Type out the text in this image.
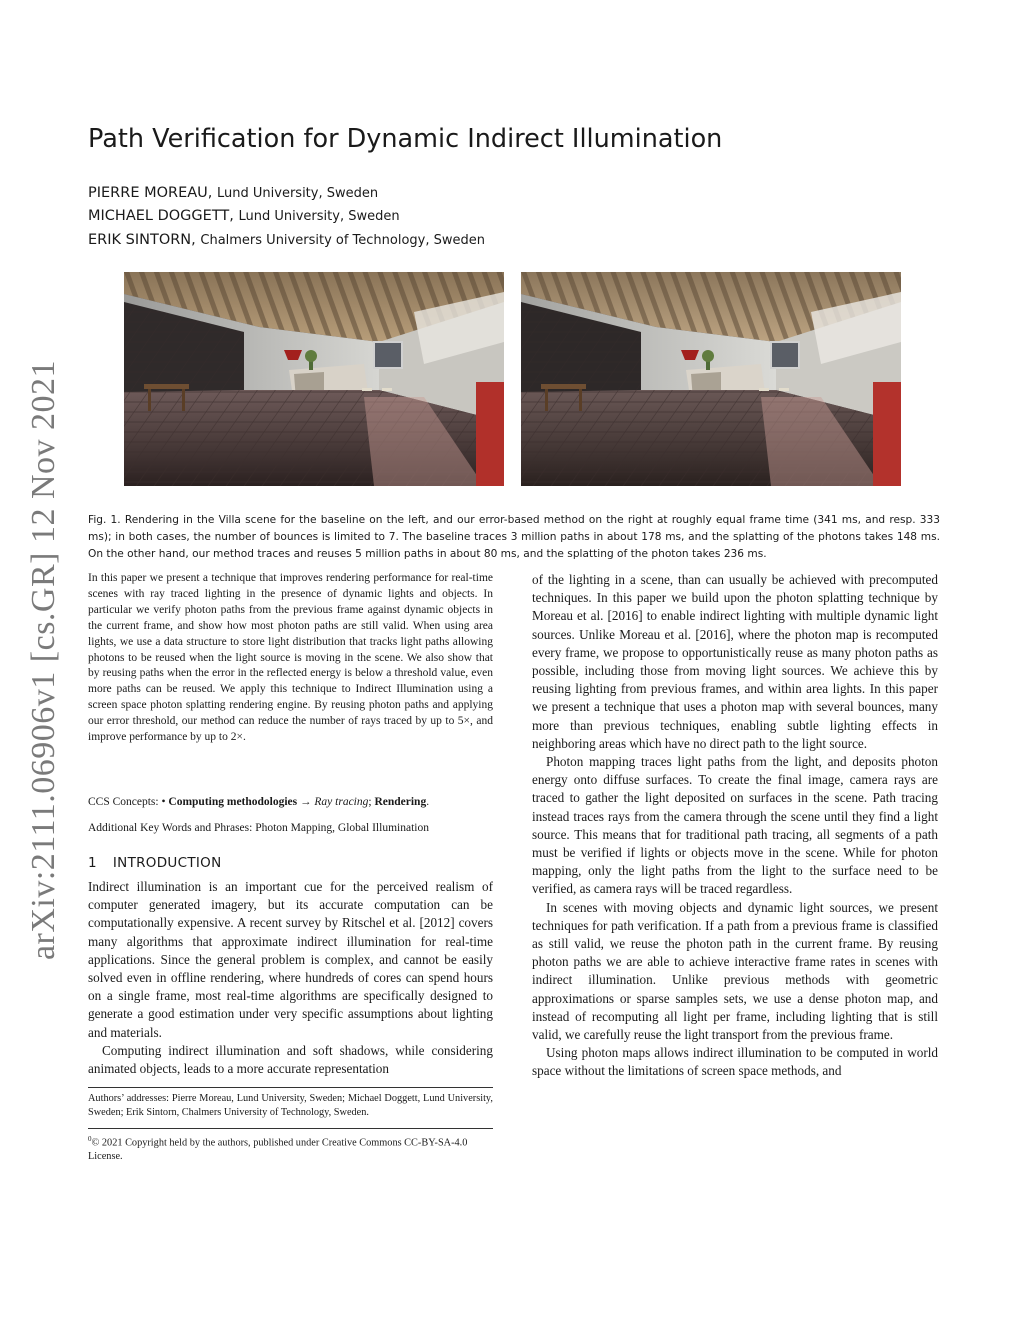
arXiv:2111.06906v1 [cs.GR] 12 Nov 2021
Path Verification for Dynamic Indirect Illumination
PIERRE MOREAU, Lund University, Sweden
MICHAEL DOGGETT, Lund University, Sweden
ERIK SINTORN, Chalmers University of Technology, Sweden
Fig. 1. Rendering in the Villa scene for the baseline on the left, and our error-based method on the right at roughly equal frame time (341 ms, and resp. 333 ms); in both cases, the number of bounces is limited to 7. The baseline traces 3 million paths in about 178 ms, and the splatting of the photons takes 148 ms. On the other hand, our method traces and reuses 5 million paths in about 80 ms, and the splatting of the photon takes 236 ms.
In this paper we present a technique that improves rendering performance for real-time scenes with ray traced lighting in the presence of dynamic lights and objects. In particular we verify photon paths from the previous frame against dynamic objects in the current frame, and show how most photon paths are still valid. When using area lights, we use a data structure to store light distribution that tracks light paths allowing photons to be reused when the light source is moving in the scene. We also show that by reusing paths when the error in the reflected energy is below a threshold value, even more paths can be reused. We apply this technique to Indirect Illumination using a screen space photon splatting rendering engine. By reusing photon paths and applying our error threshold, our method can reduce the number of rays traced by up to 5×, and improve performance by up to 2×.
CCS Concepts: • Computing methodologies → Ray tracing; Rendering.
Additional Key Words and Phrases: Photon Mapping, Global Illumination
1 INTRODUCTION

Indirect illumination is an important cue for the perceived realism of computer generated imagery, but its accurate computation can be computationally expensive. A recent survey by Ritschel et al. [2012] covers many algorithms that approximate indirect illumination for real-time applications. Since the general problem is complex, and cannot be easily solved even in offline rendering, where hundreds of cores can spend hours on a single frame, most real-time algorithms are specifically designed to generate a good estimation under very specific assumptions about lighting and materials.

Computing indirect illumination and soft shadows, while considering animated objects, leads to a more accurate representation

of the lighting in a scene, than can usually be achieved with precomputed techniques. In this paper we build upon the photon splatting technique by Moreau et al. [2016] to enable indirect lighting with multiple dynamic light sources. Unlike Moreau et al. [2016], where the photon map is recomputed every frame, we propose to opportunistically reuse as many photon paths as possible, including those from moving light sources. We achieve this by reusing lighting from previous frames, and within area lights. In this paper we present a technique that uses a photon map with several bounces, many more than previous techniques, enabling subtle lighting effects in neighboring areas which have no direct path to the light source.

Photon mapping traces light paths from the light, and deposits photon energy onto diffuse surfaces. To create the final image, camera rays are traced to gather the light deposited on surfaces in the scene. Path tracing instead traces rays from the camera through the scene until they find a light source. This means that for traditional path tracing, all segments of a path must be verified if lights or objects move in the scene. While for photon mapping, only the light paths from the light to the surface need to be verified, as camera rays will be traced regardless.

In scenes with moving objects and dynamic light sources, we present techniques for path verification. If a path from a previous frame is classified as still valid, we reuse the photon path in the current frame. By reusing photon paths we are able to achieve interactive frame rates in scenes with indirect illumination. Unlike previous methods with geometric approximations or sparse samples sets, we use a dense photon map, and instead of recomputing all light per frame, including lighting that is still valid, we carefully reuse the light transport from the previous frame.

Using photon maps allows indirect illumination to be computed in world space without the limitations of screen space methods, and

Authors’ addresses: Pierre Moreau, Lund University, Sweden; Michael Doggett, Lund University, Sweden; Erik Sintorn, Chalmers University of Technology, Sweden.
$^0$© 2021 Copyright held by the authors, published under Creative Commons CC-BY-SA-4.0 License.
